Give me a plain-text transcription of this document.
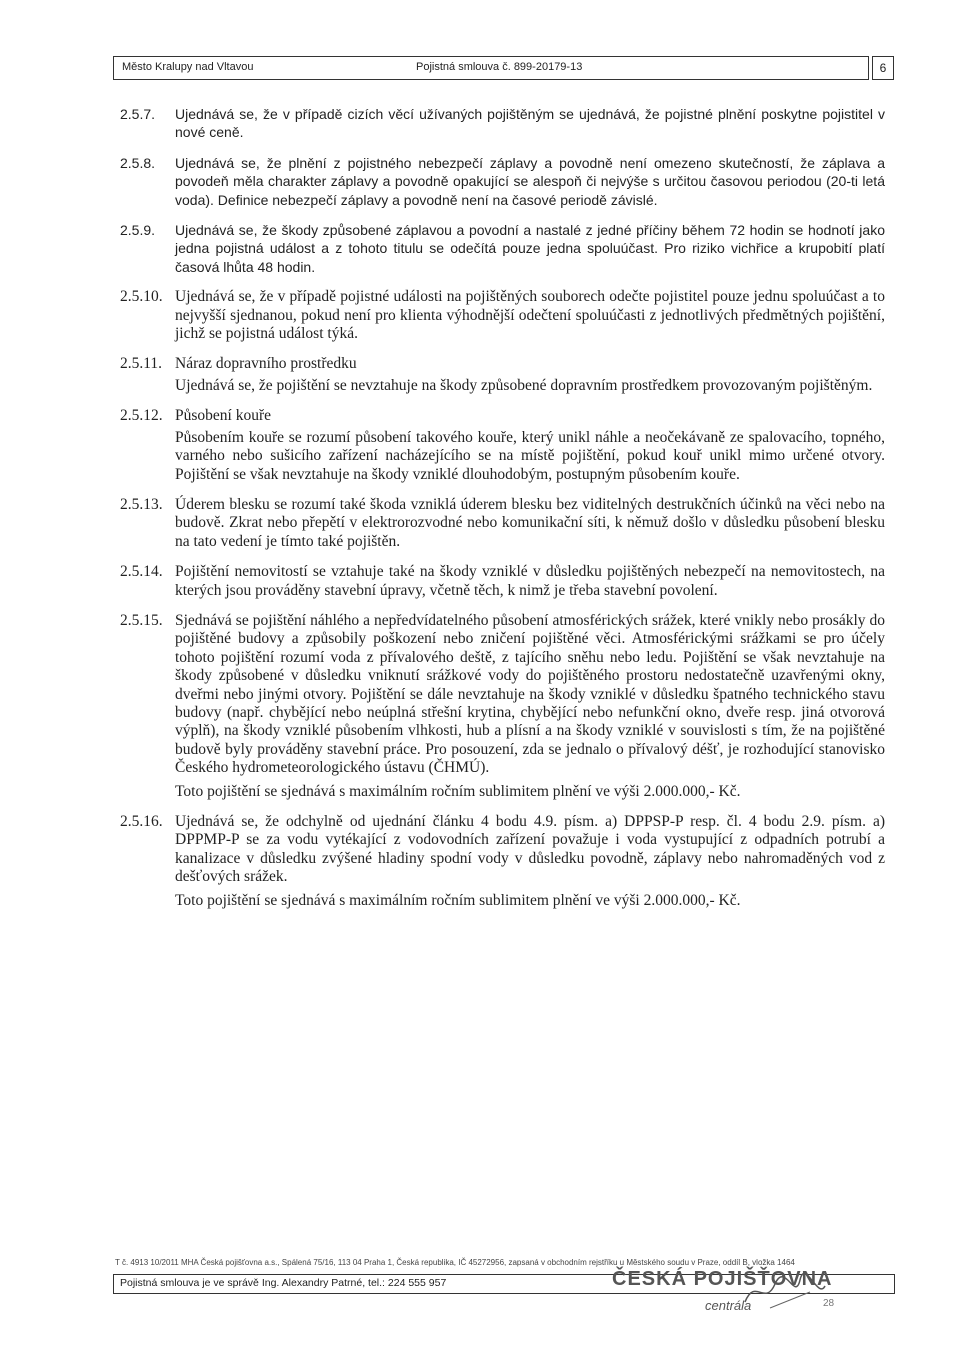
Město Kralupy nad Vltavou	Pojistná smlouva č. 899-20179-13	6
2.5.7.	Ujednává se, že v případě cizích věcí užívaných pojištěným se ujednává, že pojistné plnění poskytne pojistitel v nové ceně.

2.5.8.	Ujednává se, že plnění z pojistného nebezpečí záplavy a povodně není omezeno skutečností, že záplava a povodeň měla charakter záplavy a povodně opakující se alespoň či nejvýše s určitou časovou periodou (20-ti letá voda). Definice nebezpečí záplavy a povodně není na časové periodě závislé.

2.5.9.	Ujednává se, že škody způsobené záplavou a povodní a nastalé z jedné příčiny během 72 hodin se hodnotí jako jedna pojistná událost a z tohoto titulu se odečítá pouze jedna spoluúčast. Pro riziko vichřice a krupobití platí časová lhůta 48 hodin.

2.5.10. Ujednává se, že v případě pojistné události na pojištěných souborech odečte pojistitel pouze jednu spoluúčast a to nejvyšší sjednanou, pokud není pro klienta výhodnější odečtení spoluúčasti z jednotlivých předmětných pojištění, jichž se pojistná událost týká.

2.5.11. Náraz dopravního prostředku

Ujednává se, že pojištění se nevztahuje na škody způsobené dopravním prostředkem provozovaným pojištěným.

2.5.12. Působení kouře

Působením kouře se rozumí působení takového kouře, který unikl náhle a neočekávaně ze spalovacího, topného, varného nebo sušicího zařízení nacházejícího se na místě pojištění, pokud kouř unikl mimo určené otvory. Pojištění se však nevztahuje na škody vzniklé dlouhodobým, postupným působením kouře.

2.5.13. Úderem blesku se rozumí také škoda vzniklá úderem blesku bez viditelných destrukčních účinků na věci nebo na budově. Zkrat nebo přepětí v elektrorozvodné nebo komunikační síti, k němuž došlo v důsledku působení blesku na tato vedení je tímto také pojištěn.

2.5.14. Pojištění nemovitostí se vztahuje také na škody vzniklé v důsledku pojištěných nebezpečí na nemovitostech, na kterých jsou prováděny stavební úpravy, včetně těch, k nimž je třeba stavební povolení.

2.5.15. Sjednává se pojištění náhlého a nepředvídatelného působení atmosférických srážek, které vnikly nebo prosákly do pojištěné budovy a způsobily poškození nebo zničení pojištěné věci. Atmosférickými srážkami se pro účely tohoto pojištění rozumí voda z přívalového deště, z tajícího sněhu nebo ledu. Pojištění se však nevztahuje na škody způsobené v důsledku vniknutí srážkové vody do pojištěného prostoru nedostatečně uzavřenými okny, dveřmi nebo jinými otvory. Pojištění se dále nevztahuje na škody vzniklé v důsledku špatného technického stavu budovy (např. chybějící nebo neúplná střešní krytina, chybějící nebo nefunkční okno, dveře resp. jiná otvorová výplň), na škody vzniklé působením vlhkosti, hub a plísní a na škody vzniklé v souvislosti s tím, že na pojištěné budově byly prováděny stavební práce. Pro posouzení, zda se jednalo o přívalový déšť, je rozhodující stanovisko Českého hydrometeorologického ústavu (ČHMÚ).

Toto pojištění se sjednává s maximálním ročním sublimitem plnění ve výši 2.000.000,- Kč.

2.5.16. Ujednává se, že odchylně od ujednání článku 4 bodu 4.9. písm. a) DPPSP-P resp. čl. 4 bodu 2.9. písm. a) DPPMP-P se za vodu vytékající z vodovodních zařízení považuje i voda vystupující z odpadních potrubí a kanalizace v důsledku zvýšené hladiny spodní vody v důsledku povodně, záplavy nebo nahromaděných vod z dešťových srážek.

Toto pojištění se sjednává s maximálním ročním sublimitem plnění ve výši 2.000.000,- Kč.

T č. 4913 10/2011 MHA Česká pojišťovna a.s., Spálená 75/16, 113 04 Praha 1, Česká republika, IČ 45272956, zapsaná v obchodním rejstříku u Městského soudu v Praze, oddíl B, vložka 1464
Pojistná smlouva je ve správě Ing. Alexandry Patrné, tel.: 224 555 957	ČESKÁ POJIŠŤOVNA
centrála	28
